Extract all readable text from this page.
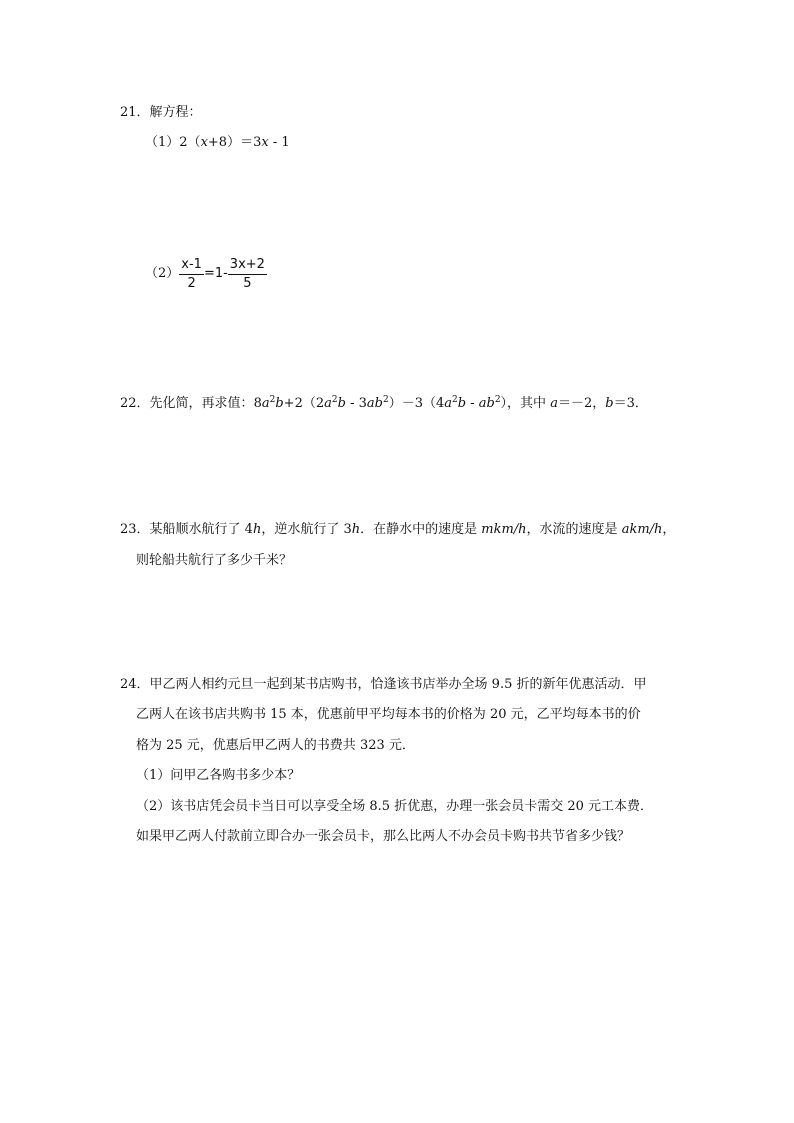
21．解方程：
（1）2（x+8）＝3x - 1
$(2) \frac{x-1}{2} =1- \frac{3x+2}{5}$
22．先化简，再求值：$8a^2b+2(2a^2b - 3ab^2)-3(4a^2b - ab^2)$，其中 a＝－2，b＝3．
23．某船顺水航行了 4h，逆水航行了 3h．在静水中的速度是 mkm/h，水流的速度是 akm/h，
则轮船共航行了多少千米？
24．甲乙两人相约元旦一起到某书店购书，恰逢该书店举办全场 9.5 折的新年优惠活动．甲
乙两人在该书店共购书 15 本，优惠前甲平均每本书的价格为 20 元，乙平均每本书的价
格为 25 元，优惠后甲乙两人的书费共 323 元．
（1）问甲乙各购书多少本？
（2）该书店凭会员卡当日可以享受全场 8.5 折优惠，办理一张会员卡需交 20 元工本费．
如果甲乙两人付款前立即合办一张会员卡，那么比两人不办会员卡购书共节省多少钱？
